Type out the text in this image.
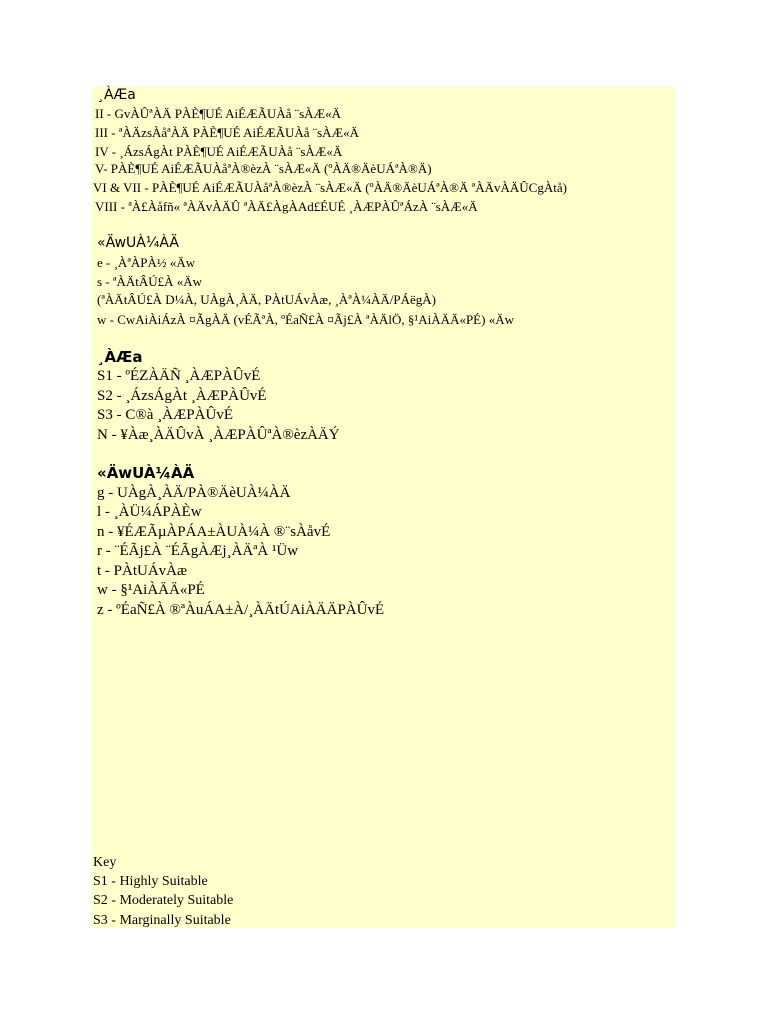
¸ÀÆa
II - GvÀÛªÀÄ PÀÈ¶UÉ AiÉÆÃUÀå ¨sÀÆ«Ä
III - ªÀÄzsÀåªÀÄ PÀÈ¶UÉ AiÉÆÃUÀå ¨sÀÆ«Ä
IV - ¸ÁzsÁgÀt PÀÈ¶UÉ AiÉÆÃUÀå ¨sÀÆ«Ä
V- PÀÈ¶UÉ AiÉÆÃUÀåªÀ®èzÀ ¨sÀÆ«Ä (ºÀÄ®ÄèUÁªÀ®Ä)
VI & VII - PÀÈ¶UÉ AiÉÆÃUÀåªÀ®èzÀ ¨sÀÆ«Ä (ºÀÄ®ÄèUÁªÀ®Ä ªÀÄvÀÄÛCgÀtå)
VIII - ªÀ£Àåfñ« ªÀÄvÀÄÛ ªÀÄ£ÀgÀAd£ÉUÉ ¸ÀÆPÀÛªÁzÀ ¨sÀÆ«Ä
«ÄwUÀ¼ÀÄ
e - ¸ÀªÀPÀ½ «Äw
s - ªÀÄtÂÚ£À «Äw
(ªÀÄtÂÚ£À D¼À, UÀgÀ¸ÀÄ, PÀtUÁvÀæ, ¸ÀªÀ¼ÀÄ/PÁëgÀ)
w - CwAiÀiÁzÀ ¤ÃgÀÄ (vÉÃªÀ, ºÉaÑ£À ¤Ãj£À ªÀÄlÖ, §¹AiÀÄÄ«PÉ) «Äw
¸ÀÆa
S1 - ºÉZÀÄÑ ¸ÀÆPÀÛvÉ
S2 - ¸ÁzsÁgÀt ¸ÀÆPÀÛvÉ
S3 - C®à ¸ÀÆPÀÛvÉ
N - ¥Àæ¸ÀÄÛvÀ ¸ÀÆPÀÛªÀ®èzÀÄÝ
«ÄwUÀ¼ÀÄ
g - UÀgÀ¸ÀÄ/PÀ®ÄèUÀ¼ÀÄ
l - ¸ÀÜ¼ÁPÀÈw
n - ¥ÉÆÃµÀPÁA±ÀUÀ¼À ®¨sÀåvÉ
r - ¨ÉÃj£À ¨ÉÃgÀÆj¸ÀÄªÀ ¹Üw
t - PÀtUÁvÀæ
w - §¹AiÀÄÄ«PÉ
z - ºÉaÑ£À ®ªÀuÁA±À/¸ÀÄtÚAiÀÄÄPÀÛvÉ
Key
S1 - Highly Suitable
S2 - Moderately Suitable
S3 - Marginally Suitable
